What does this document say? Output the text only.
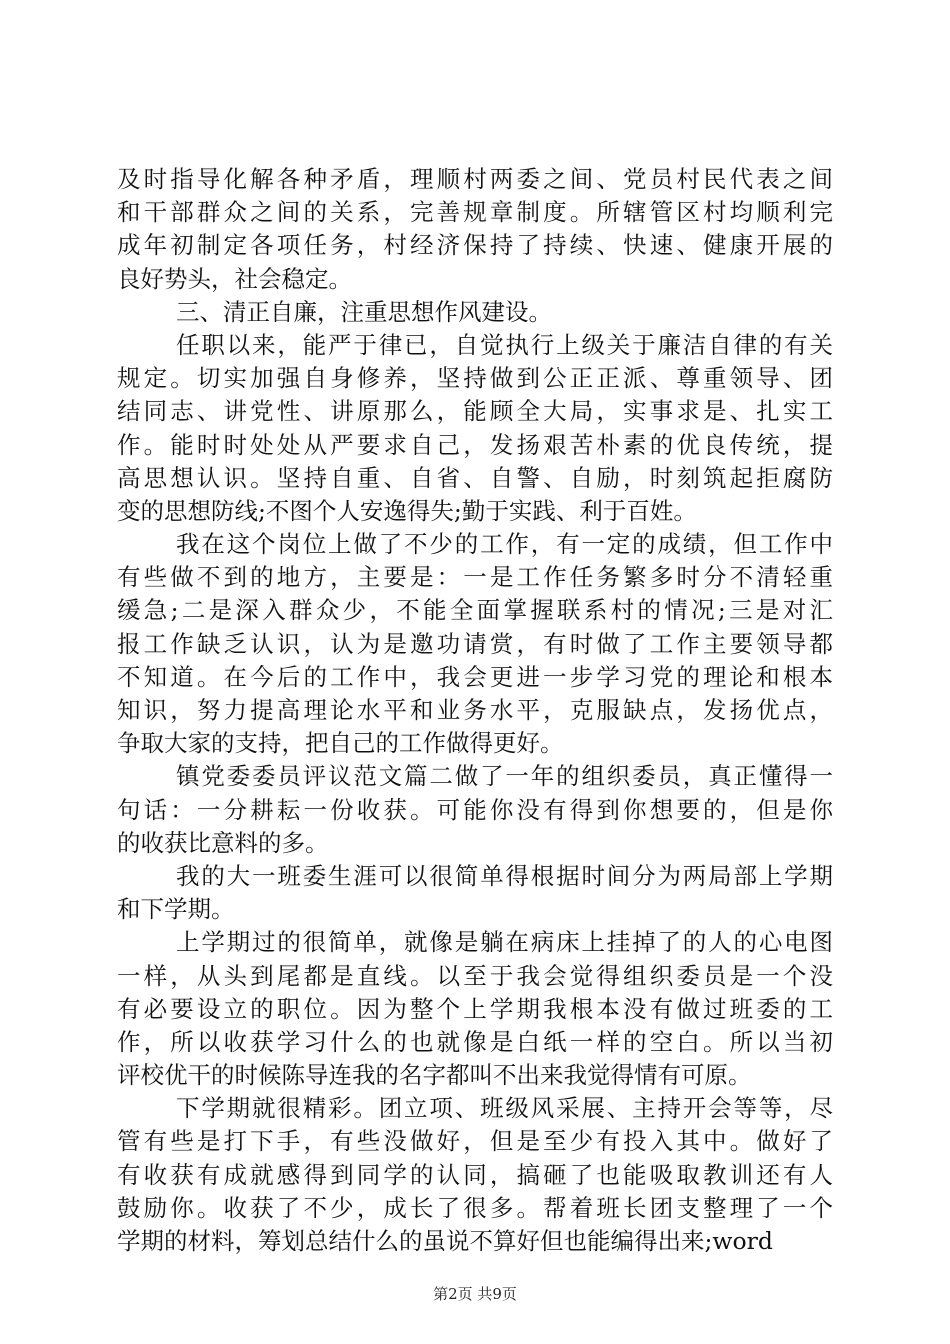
及时指导化解各种矛盾，理顺村两委之间、党员村民代表之间
和干部群众之间的关系，完善规章制度。所辖管区村均顺利完
成年初制定各项任务，村经济保持了持续、快速、健康开展的
良好势头，社会稳定。
三、清正自廉，注重思想作风建设。
任职以来，能严于律已，自觉执行上级关于廉洁自律的有关
规定。切实加强自身修养，坚持做到公正正派、尊重领导、团
结同志、讲党性、讲原那么，能顾全大局，实事求是、扎实工
作。能时时处处从严要求自己，发扬艰苦朴素的优良传统，提
高思想认识。坚持自重、自省、自警、自励，时刻筑起拒腐防
变的思想防线;不图个人安逸得失;勤于实践、利于百姓。
我在这个岗位上做了不少的工作，有一定的成绩，但工作中
有些做不到的地方，主要是：一是工作任务繁多时分不清轻重
缓急;二是深入群众少，不能全面掌握联系村的情况;三是对汇
报工作缺乏认识，认为是邀功请赏，有时做了工作主要领导都
不知道。在今后的工作中，我会更进一步学习党的理论和根本
知识，努力提高理论水平和业务水平，克服缺点，发扬优点，
争取大家的支持，把自己的工作做得更好。
镇党委委员评议范文篇二做了一年的组织委员，真正懂得一
句话：一分耕耘一份收获。可能你没有得到你想要的，但是你
的收获比意料的多。
我的大一班委生涯可以很简单得根据时间分为两局部上学期
和下学期。
上学期过的很简单，就像是躺在病床上挂掉了的人的心电图
一样，从头到尾都是直线。以至于我会觉得组织委员是一个没
有必要设立的职位。因为整个上学期我根本没有做过班委的工
作，所以收获学习什么的也就像是白纸一样的空白。所以当初
评校优干的时候陈导连我的名字都叫不出来我觉得情有可原。
下学期就很精彩。团立项、班级风采展、主持开会等等，尽
管有些是打下手，有些没做好，但是至少有投入其中。做好了
有收获有成就感得到同学的认同，搞砸了也能吸取教训还有人
鼓励你。收获了不少，成长了很多。帮着班长团支整理了一个
学期的材料，筹划总结什么的虽说不算好但也能编得出来;word
第2页 共9页
